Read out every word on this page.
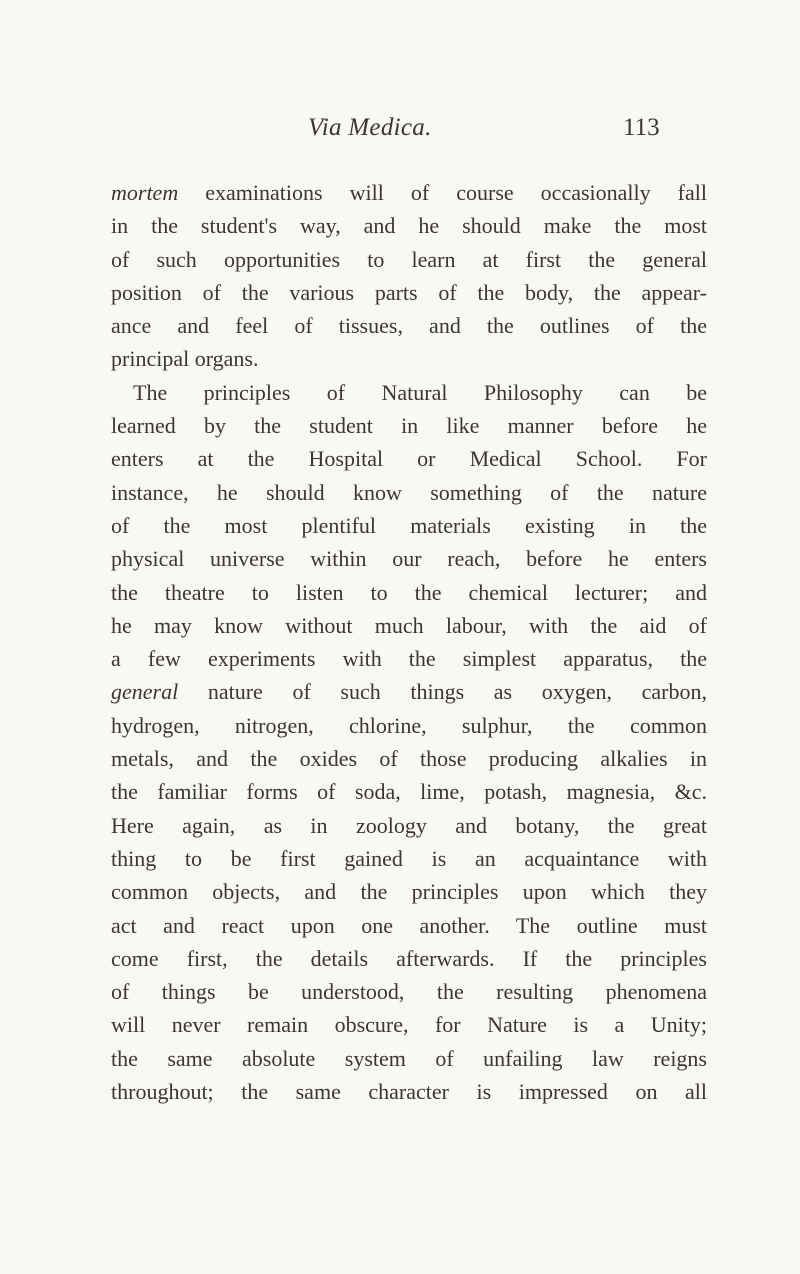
Via Medica.	113
mortem examinations will of course occasionally fall
in the student's way, and he should make the most
of such opportunities to learn at first the general
position of the various parts of the body, the appear-
ance and feel of tissues, and the outlines of the
principal organs.
The principles of Natural Philosophy can be
learned by the student in like manner before he
enters at the Hospital or Medical School. For
instance, he should know something of the nature
of the most plentiful materials existing in the
physical universe within our reach, before he enters
the theatre to listen to the chemical lecturer; and
he may know without much labour, with the aid of
a few experiments with the simplest apparatus, the
general nature of such things as oxygen, carbon,
hydrogen, nitrogen, chlorine, sulphur, the common
metals, and the oxides of those producing alkalies in
the familiar forms of soda, lime, potash, magnesia, &c.
Here again, as in zoology and botany, the great
thing to be first gained is an acquaintance with
common objects, and the principles upon which they
act and react upon one another. The outline must
come first, the details afterwards. If the principles
of things be understood, the resulting phenomena
will never remain obscure, for Nature is a Unity;
the same absolute system of unfailing law reigns
throughout; the same character is impressed on all
